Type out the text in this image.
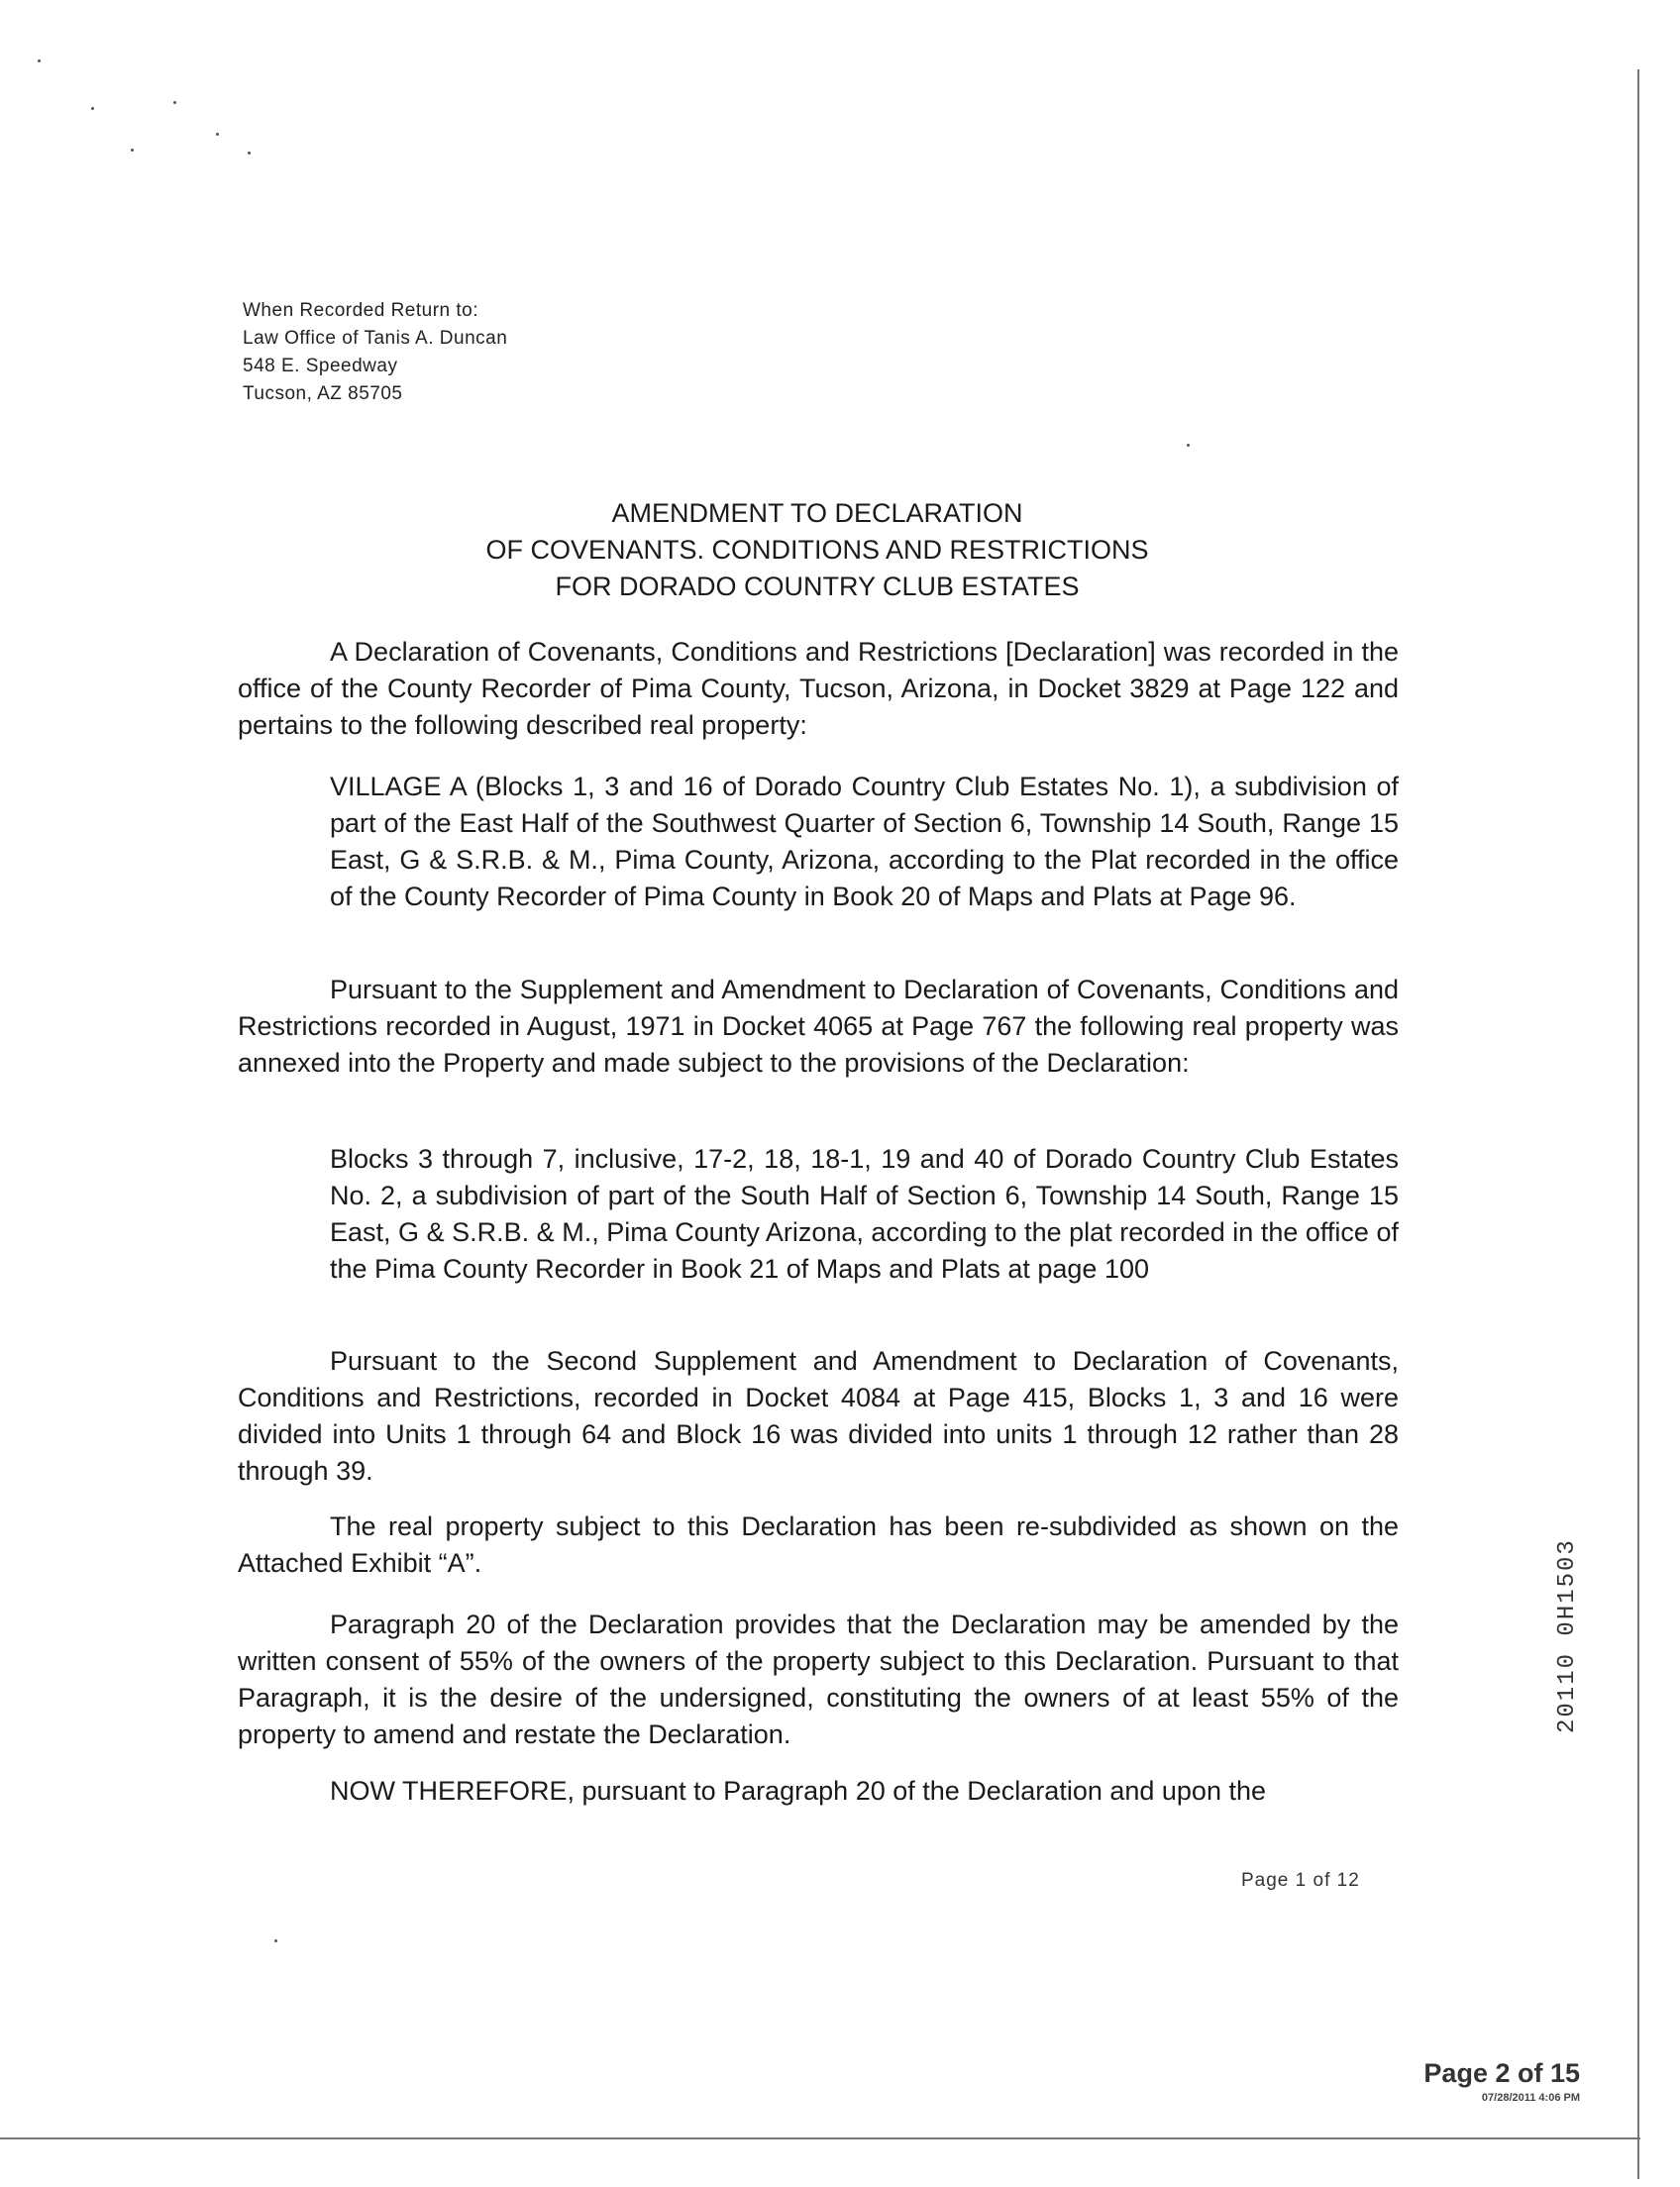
When Recorded Return to:
Law Office of Tanis A. Duncan
548 E. Speedway
Tucson, AZ 85705
AMENDMENT TO DECLARATION
OF COVENANTS. CONDITIONS AND RESTRICTIONS
FOR DORADO COUNTRY CLUB ESTATES

A Declaration of Covenants, Conditions and Restrictions [Declaration] was recorded in the office of the County Recorder of Pima County, Tucson, Arizona, in Docket 3829 at Page 122 and pertains to the following described real property:

VILLAGE A (Blocks 1, 3 and 16 of Dorado Country Club Estates No. 1), a subdivision of part of the East Half of the Southwest Quarter of Section 6, Township 14 South, Range 15 East, G & S.R.B. & M., Pima County, Arizona, according to the Plat recorded in the office of the County Recorder of Pima County in Book 20 of Maps and Plats at Page 96.

Pursuant to the Supplement and Amendment to Declaration of Covenants, Conditions and Restrictions recorded in August, 1971 in Docket 4065 at Page 767 the following real property was annexed into the Property and made subject to the provisions of the Declaration:

Blocks 3 through 7, inclusive, 17-2, 18, 18-1, 19 and 40 of Dorado Country Club Estates No. 2, a subdivision of part of the South Half of Section 6, Township 14 South, Range 15 East, G & S.R.B. & M., Pima County Arizona, according to the plat recorded in the office of the Pima County Recorder in Book 21 of Maps and Plats at page 100

Pursuant to the Second Supplement and Amendment to Declaration of Covenants, Conditions and Restrictions, recorded in Docket 4084 at Page 415, Blocks 1, 3 and 16 were divided into Units 1 through 64 and Block 16 was divided into units 1 through 12 rather than 28 through 39.

The real property subject to this Declaration has been re-subdivided as shown on the Attached Exhibit “A”.

Paragraph 20 of the Declaration provides that the Declaration may be amended by the written consent of 55% of the owners of the property subject to this Declaration. Pursuant to that Paragraph, it is the desire of the undersigned, constituting the owners of at least 55% of the property to amend and restate the Declaration.

NOW THEREFORE, pursuant to Paragraph 20 of the Declaration and upon the

Page 1 of 12
20110 0H1503
Page 2 of 15
07/28/2011 4:06 PM
